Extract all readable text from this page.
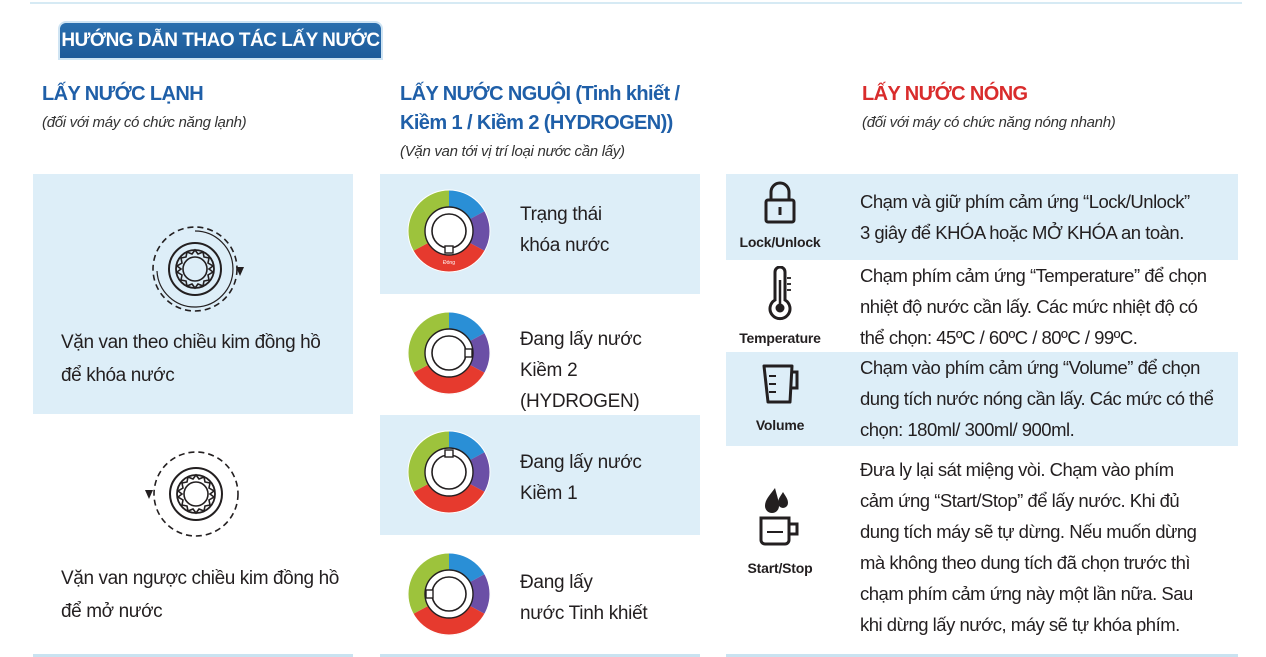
HƯỚNG DẪN THAO TÁC LẤY NƯỚC
LẤY NƯỚC LẠNH
(đối với máy có chức năng lạnh)
Vặn van theo chiều kim đồng hồ
để khóa nước
Vặn van ngược chiều kim đồng hồ
để mở nước
LẤY NƯỚC NGUỘI (Tinh khiết /
Kiềm 1 / Kiềm 2 (HYDROGEN))
(Vặn van tới vị trí loại nước cần lấy)
Đóng
Trạng thái
khóa nước
Đang lấy nước
Kiềm 2 (HYDROGEN)
Đang lấy nước
Kiềm 1
Đang lấy
nước Tinh khiết
LẤY NƯỚC NÓNG
(đối với máy có chức năng nóng nhanh)
Lock/Unlock
Chạm và giữ phím cảm ứng “Lock/Unlock”
3 giây để KHÓA hoặc MỞ KHÓA an toàn.
Temperature
Chạm phím cảm ứng “Temperature” để chọn
nhiệt độ nước cần lấy. Các mức nhiệt độ có
thể chọn: 45ºC / 60ºC / 80ºC / 99ºC.
Volume
Chạm vào phím cảm ứng “Volume” để chọn
dung tích nước nóng cần lấy. Các mức có thể
chọn: 180ml/ 300ml/ 900ml.
Start/Stop
Đưa ly lại sát miệng vòi. Chạm vào phím
cảm ứng “Start/Stop” để lấy nước. Khi đủ
dung tích máy sẽ tự dừng. Nếu muốn dừng
mà không theo dung tích đã chọn trước thì
chạm phím cảm ứng này một lần nữa. Sau
khi dừng lấy nước, máy sẽ tự khóa phím.
